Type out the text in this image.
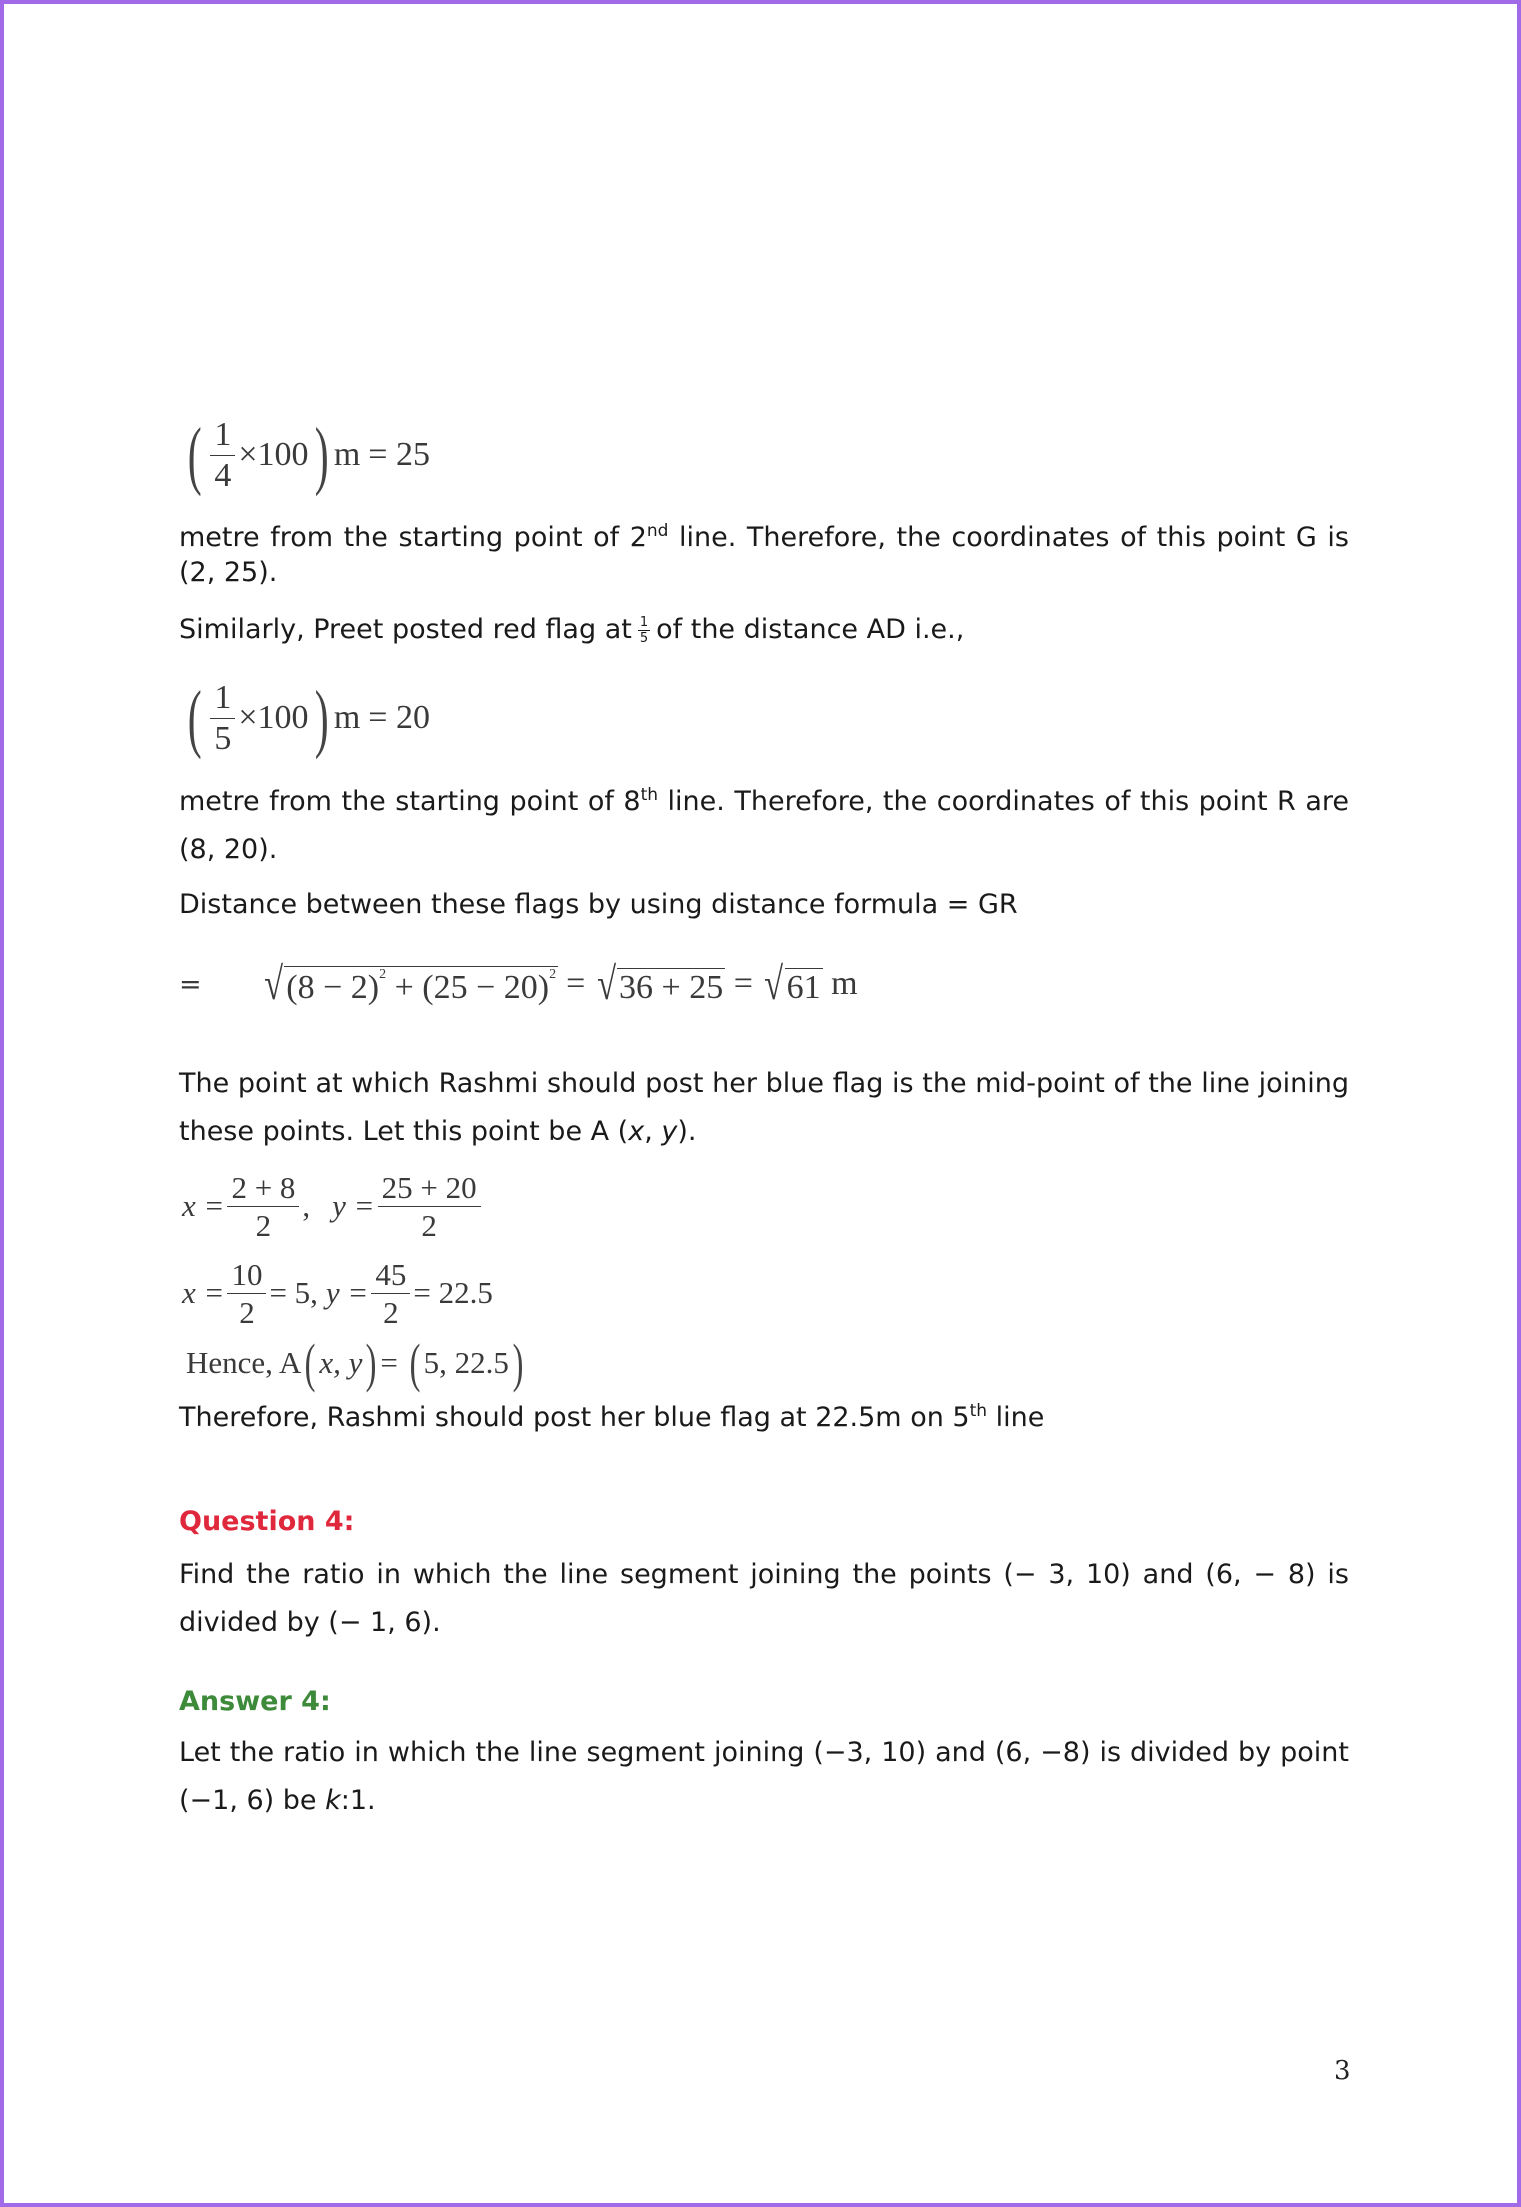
( $\frac{1}{4} \times 100$ ) m = 25
metre from the starting point of 2nd line. Therefore, the coordinates of this point G is (2, 25).
Similarly, Preet posted red flag at $\frac{1}{5}$ of the distance AD i.e.,
( $\frac{1}{5} \times 100$ ) m = 20
metre from the starting point of 8th line. Therefore, the coordinates of this point R are (8, 20).
Distance between these flags by using distance formula = GR
=	√ $(8 - 2)^2 + (25 - 20)^2$ = √ 36 + 25 = √ 61 m
The point at which Rashmi should post her blue flag is the mid-point of the line joining these points. Let this point be A (x, y).
$x = \frac{2 + 8}{2}$ , $y = \frac{25 + 20}{2}$
$x = \frac{10}{2} = 5$, $y = \frac{45}{2} = 22.5$
Hence, A ( x, y ) = ( 5, 22.5 )
Therefore, Rashmi should post her blue flag at 22.5m on 5th line
Question 4:
Find the ratio in which the line segment joining the points (− 3, 10) and (6, − 8) is divided by (− 1, 6).
Answer 4:
Let the ratio in which the line segment joining (−3, 10) and (6, −8) is divided by point (−1, 6) be k:1.
3
